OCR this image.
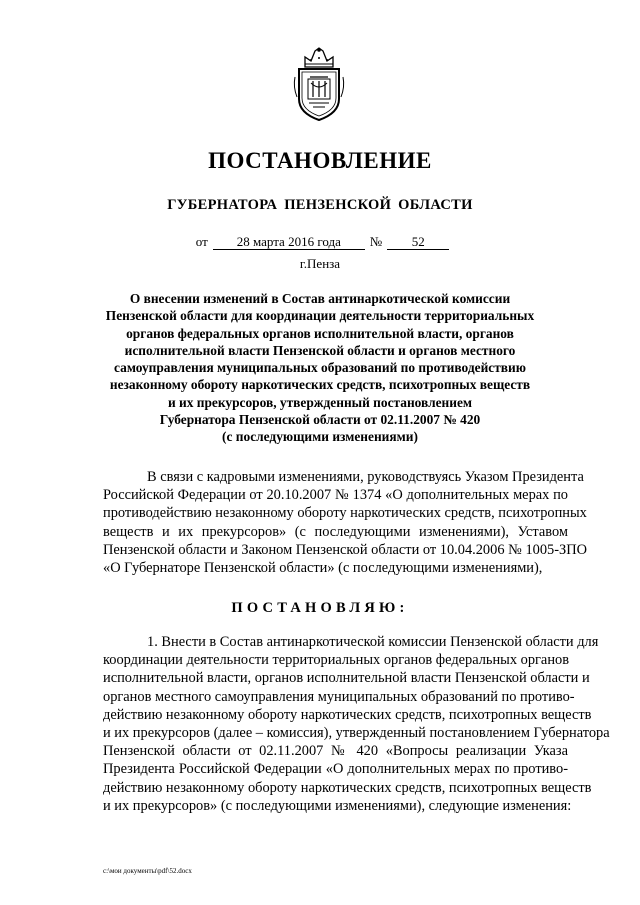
ПОСТАНОВЛЕНИЕ
ГУБЕРНАТОРА ПЕНЗЕНСКОЙ ОБЛАСТИ
от 28 марта 2016 года № 52
г.Пенза
О внесении изменений в Состав антинаркотической комиссии
Пензенской области для координации деятельности территориальных
органов федеральных органов исполнительной власти, органов
исполнительной власти Пензенской области и органов местного
самоуправления муниципальных образований по противодействию
незаконному обороту наркотических средств, психотропных веществ
и их прекурсоров, утвержденный постановлением
Губернатора Пензенской области от 02.11.2007 № 420
(с последующими изменениями)
В связи с кадровыми изменениями, руководствуясь Указом Президента
Российской Федерации от 20.10.2007 № 1374 «О дополнительных мерах по
противодействию незаконному обороту наркотических средств, психотропных
веществ и их прекурсоров» (с последующими изменениями), Уставом
Пензенской области и Законом Пензенской области от 10.04.2006 № 1005-ЗПО
«О Губернаторе Пензенской области» (с последующими изменениями),
ПОСТАНОВЛЯЮ:
1. Внести в Состав антинаркотической комиссии Пензенской области для
координации деятельности территориальных органов федеральных органов
исполнительной власти, органов исполнительной власти Пензенской области и
органов местного самоуправления муниципальных образований по противо-
действию незаконному обороту наркотических средств, психотропных веществ
и их прекурсоров (далее – комиссия), утвержденный постановлением Губернатора
Пензенской области от 02.11.2007 № 420 «Вопросы реализации Указа
Президента Российской Федерации «О дополнительных мерах по противо-
действию незаконному обороту наркотических средств, психотропных веществ
и их прекурсоров» (с последующими изменениями), следующие изменения:
с:\мои документы\pdf\52.docx
